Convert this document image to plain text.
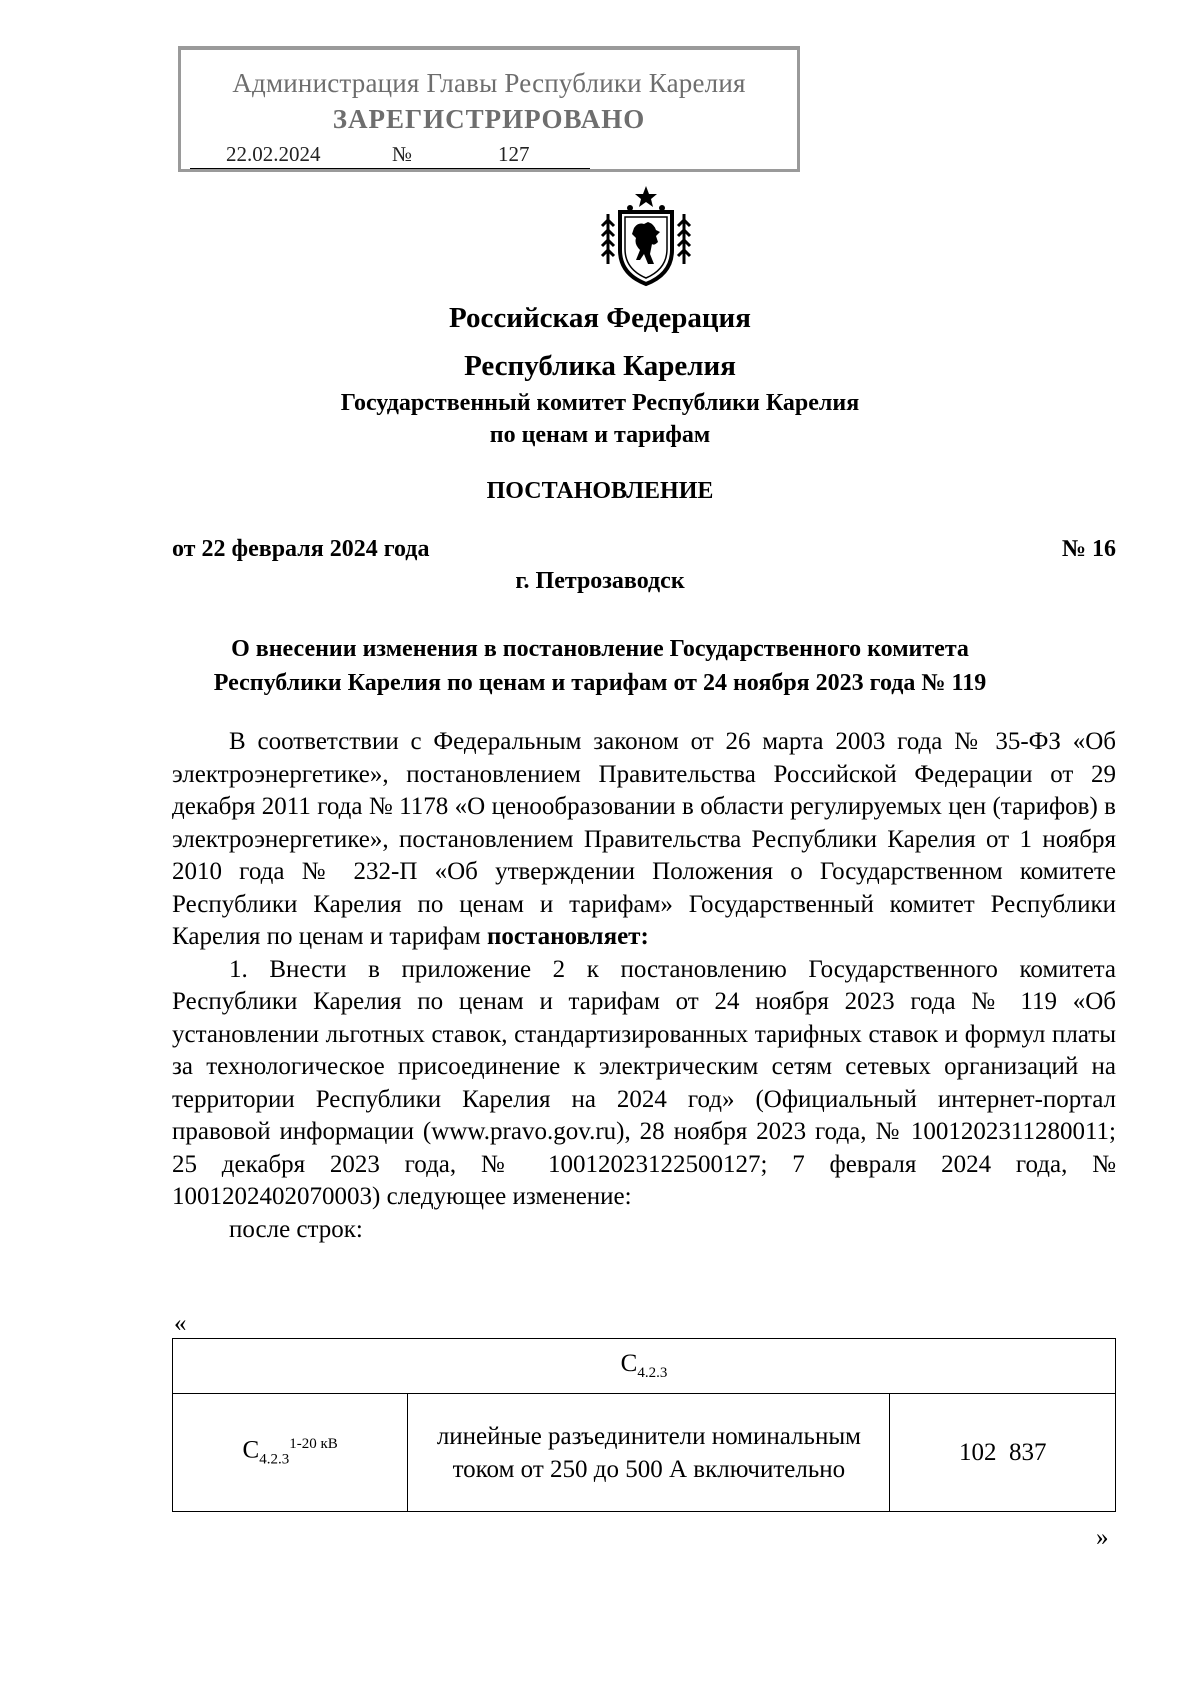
Администрация Главы Республики Карелия
ЗАРЕГИСТРИРОВАНО
22.02.2024	№	127
Российская Федерация
Республика Карелия
Государственный комитет Республики Карелия
по ценам и тарифам
ПОСТАНОВЛЕНИЕ
от 22 февраля 2024 года	№ 16
г. Петрозаводск
О внесении изменения в постановление Государственного комитета
Республики Карелия по ценам и тарифам от 24 ноября 2023 года № 119

В соответствии с Федеральным законом от 26 марта 2003 года № 35-ФЗ «Об электроэнергетике», постановлением Правительства Российской Федерации от 29 декабря 2011 года № 1178 «О ценообразовании в области регулируемых цен (тарифов) в электроэнергетике», постановлением Правительства Республики Карелия от 1 ноября 2010 года № 232-П «Об утверждении Положения о Государственном комитете Республики Карелия по ценам и тарифам» Государственный комитет Республики Карелия по ценам и тарифам постановляет:

1. Внести в приложение 2 к постановлению Государственного комитета Республики Карелия по ценам и тарифам от 24 ноября 2023 года № 119 «Об установлении льготных ставок, стандартизированных тарифных ставок и формул платы за технологическое присоединение к электрическим сетям сетевых организаций на территории Республики Карелия на 2024 год» (Официальный интернет-портал правовой информации (www.pravo.gov.ru), 28 ноября 2023 года, № 1001202311280011; 25 декабря 2023 года, № 10012023122500127; 7 февраля 2024 года, № 1001202402070003) следующее изменение:

после строк:

«
$С_{4.2.3}$
$С_{4.2.3}^{1-20 кВ}$	линейные разъединители номинальным током от 250 до 500 А включительно	102  837
»
